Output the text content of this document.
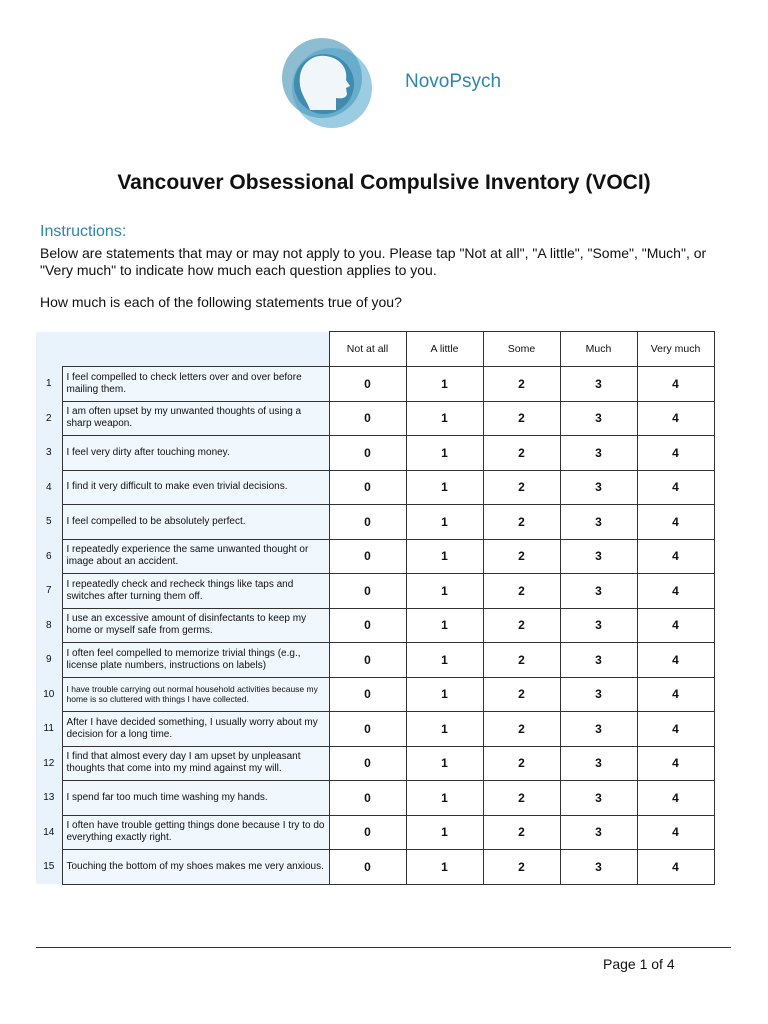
NovoPsych
Vancouver Obsessional Compulsive Inventory (VOCI)
Instructions:
Below are statements that may or may not apply to you. Please tap "Not at all", "A little", "Some", "Much", or "Very much" to indicate how much each question applies to you.
How much is each of the following statements true of you?
		Not at all	A little	Some	Much	Very much
1	I feel compelled to check letters over and over before mailing them.	0	1	2	3	4
2	I am often upset by my unwanted thoughts of using a sharp weapon.	0	1	2	3	4
3	I feel very dirty after touching money.	0	1	2	3	4
4	I find it very difficult to make even trivial decisions.	0	1	2	3	4
5	I feel compelled to be absolutely perfect.	0	1	2	3	4
6	I repeatedly experience the same unwanted thought or image about an accident.	0	1	2	3	4
7	I repeatedly check and recheck things like taps and switches after turning them off.	0	1	2	3	4
8	I use an excessive amount of disinfectants to keep my home or myself safe from germs.	0	1	2	3	4
9	I often feel compelled to memorize trivial things (e.g., license plate numbers, instructions on labels)	0	1	2	3	4
10	I have trouble carrying out normal household activities because my home is so cluttered with things I have collected.	0	1	2	3	4
11	After I have decided something, I usually worry about my decision for a long time.	0	1	2	3	4
12	I find that almost every day I am upset by unpleasant thoughts that come into my mind against my will.	0	1	2	3	4
13	I spend far too much time washing my hands.	0	1	2	3	4
14	I often have trouble getting things done because I try to do everything exactly right.	0	1	2	3	4
15	Touching the bottom of my shoes makes me very anxious.	0	1	2	3	4
Page 1 of 4
